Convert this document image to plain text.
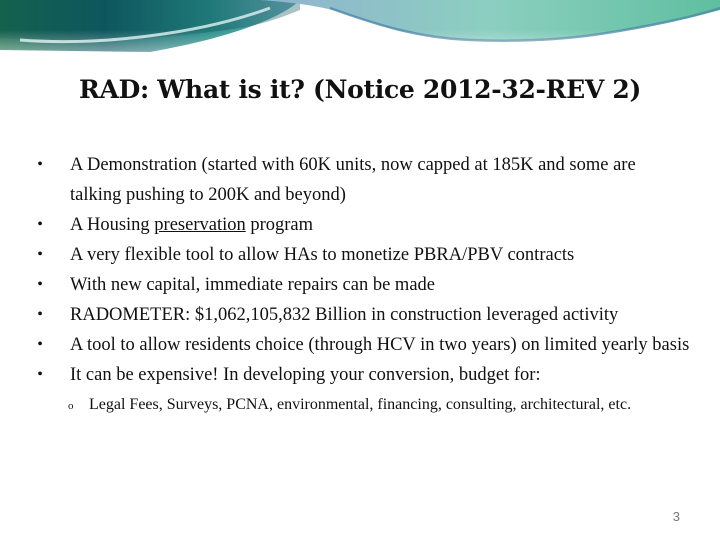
RAD: What is it? (Notice 2012-32-REV 2)
•	A Demonstration (started with 60K units, now capped at 185K and some are talking pushing to 200K and beyond)
•	A Housing preservation program
•	A very flexible tool to allow HAs to monetize PBRA/PBV contracts
•	With new capital, immediate repairs can be made
•	RADOMETER: $1,062,105,832 Billion in construction leveraged activity
•	A tool to allow residents choice (through HCV in two years) on limited yearly basis
•	It can be expensive! In developing your conversion, budget for:
o Legal Fees, Surveys, PCNA, environmental, financing, consulting, architectural, etc.
3
